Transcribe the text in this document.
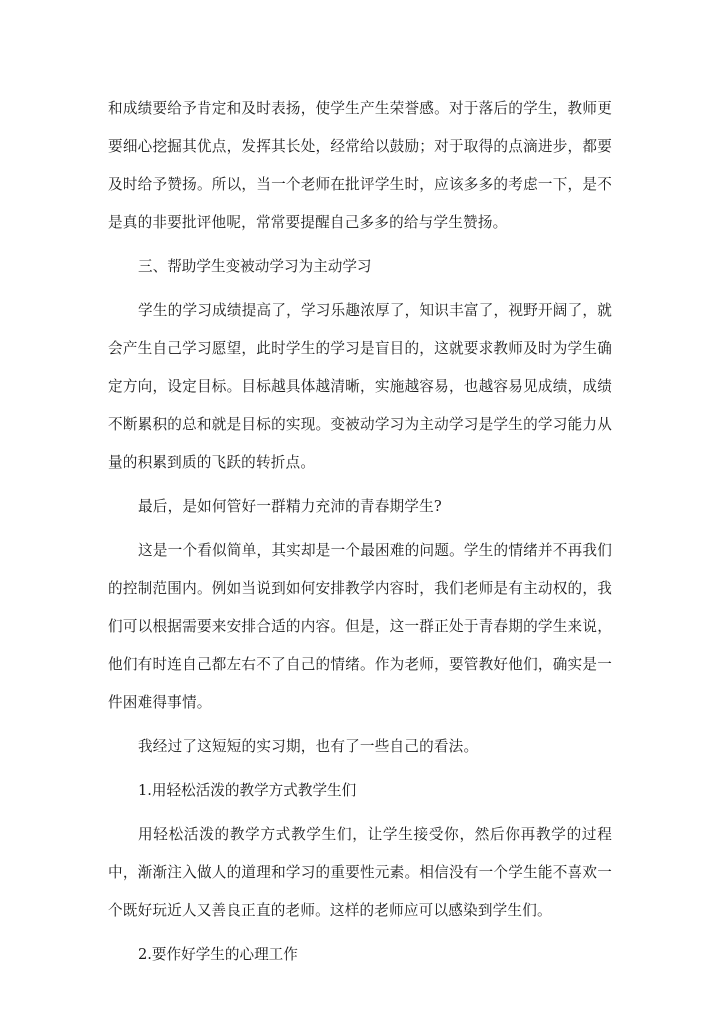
和成绩要给予肯定和及时表扬，使学生产生荣誉感。对于落后的学生，教师更要细心挖掘其优点，发挥其长处，经常给以鼓励；对于取得的点滴进步，都要及时给予赞扬。所以，当一个老师在批评学生时，应该多多的考虑一下，是不是真的非要批评他呢，常常要提醒自己多多的给与学生赞扬。

三、帮助学生变被动学习为主动学习

学生的学习成绩提高了，学习乐趣浓厚了，知识丰富了，视野开阔了，就会产生自己学习愿望，此时学生的学习是盲目的，这就要求教师及时为学生确定方向，设定目标。目标越具体越清晰，实施越容易，也越容易见成绩，成绩不断累积的总和就是目标的实现。变被动学习为主动学习是学生的学习能力从量的积累到质的飞跃的转折点。

最后，是如何管好一群精力充沛的青春期学生?

这是一个看似简单，其实却是一个最困难的问题。学生的情绪并不再我们的控制范围内。例如当说到如何安排教学内容时，我们老师是有主动权的，我们可以根据需要来安排合适的内容。但是，这一群正处于青春期的学生来说，他们有时连自己都左右不了自己的情绪。作为老师，要管教好他们，确实是一件困难得事情。

我经过了这短短的实习期，也有了一些自己的看法。

1.用轻松活泼的教学方式教学生们

用轻松活泼的教学方式教学生们，让学生接受你，然后你再教学的过程中，渐渐注入做人的道理和学习的重要性元素。相信没有一个学生能不喜欢一个既好玩近人又善良正直的老师。这样的老师应可以感染到学生们。

2.要作好学生的心理工作
